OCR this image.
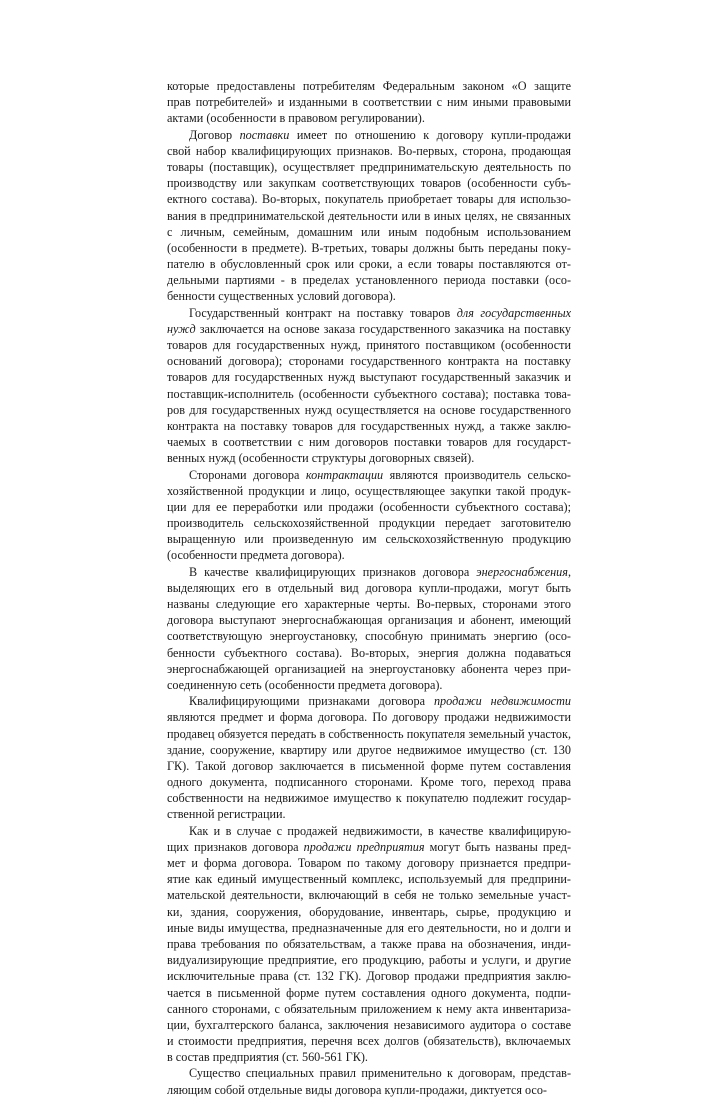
которые предоставлены потребителям Федеральным законом «О защите
прав потребителей» и изданными в соответствии с ним иными правовыми
актами (особенности в правовом регулировании).
Договор поставки имеет по отношению к договору купли-продажи
свой набор квалифицирующих признаков. Во-первых, сторона, продающая
товары (поставщик), осуществляет предпринимательскую деятельность по
производству или закупкам соответствующих товаров (особенности субъ-
ектного состава). Во-вторых, покупатель приобретает товары для использо-
вания в предпринимательской деятельности или в иных целях, не связанных
с личным, семейным, домашним или иным подобным использованием
(особенности в предмете). В-третьих, товары должны быть переданы поку-
пателю в обусловленный срок или сроки, а если товары поставляются от-
дельными партиями - в пределах установленного периода поставки (осо-
бенности существенных условий договора).
Государственный контракт на поставку товаров для государственных
нужд заключается на основе заказа государственного заказчика на поставку
товаров для государственных нужд, принятого поставщиком (особенности
оснований договора); сторонами государственного контракта на поставку
товаров для государственных нужд выступают государственный заказчик и
поставщик-исполнитель (особенности субъектного состава); поставка това-
ров для государственных нужд осуществляется на основе государственного
контракта на поставку товаров для государственных нужд, а также заклю-
чаемых в соответствии с ним договоров поставки товаров для государст-
венных нужд (особенности структуры договорных связей).
Сторонами договора контрактации являются производитель сельско-
хозяйственной продукции и лицо, осуществляющее закупки такой продук-
ции для ее переработки или продажи (особенности субъектного состава);
производитель сельскохозяйственной продукции передает заготовителю
выращенную или произведенную им сельскохозяйственную продукцию
(особенности предмета договора).
В качестве квалифицирующих признаков договора энергоснабжения,
выделяющих его в отдельный вид договора купли-продажи, могут быть
названы следующие его характерные черты. Во-первых, сторонами этого
договора выступают энергоснабжающая организация и абонент, имеющий
соответствующую энергоустановку, способную принимать энергию (осо-
бенности субъектного состава). Во-вторых, энергия должна подаваться
энергоснабжающей организацией на энергоустановку абонента через при-
соединенную сеть (особенности предмета договора).
Квалифицирующими признаками договора продажи недвижимости
являются предмет и форма договора. По договору продажи недвижимости
продавец обязуется передать в собственность покупателя земельный участок,
здание, сооружение, квартиру или другое недвижимое имущество (ст. 130
ГК). Такой договор заключается в письменной форме путем составления
одного документа, подписанного сторонами. Кроме того, переход права
собственности на недвижимое имущество к покупателю подлежит государ-
ственной регистрации.
Как и в случае с продажей недвижимости, в качестве квалифицирую-
щих признаков договора продажи предприятия могут быть названы пред-
мет и форма договора. Товаром по такому договору признается предпри-
ятие как единый имущественный комплекс, используемый для предприни-
мательской деятельности, включающий в себя не только земельные участ-
ки, здания, сооружения, оборудование, инвентарь, сырье, продукцию и
иные виды имущества, предназначенные для его деятельности, но и долги и
права требования по обязательствам, а также права на обозначения, инди-
видуализирующие предприятие, его продукцию, работы и услуги, и другие
исключительные права (ст. 132 ГК). Договор продажи предприятия заклю-
чается в письменной форме путем составления одного документа, подпи-
санного сторонами, с обязательным приложением к нему акта инвентариза-
ции, бухгалтерского баланса, заключения независимого аудитора о составе
и стоимости предприятия, перечня всех долгов (обязательств), включаемых
в состав предприятия (ст. 560-561 ГК).
Существо специальных правил применительно к договорам, представ-
ляющим собой отдельные виды договора купли-продажи, диктуется осо-
